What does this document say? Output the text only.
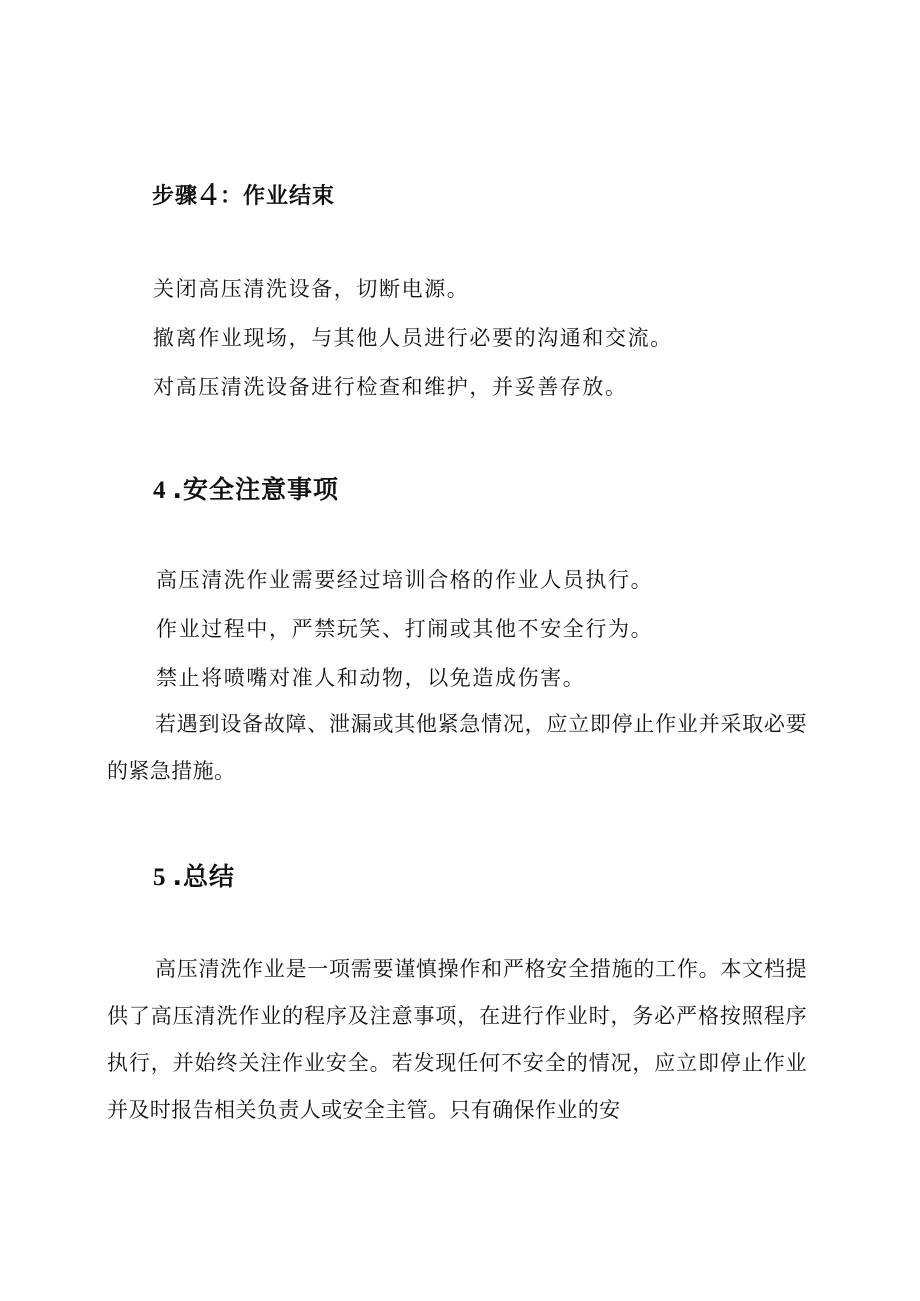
步骤4：作业结束
关闭高压清洗设备，切断电源。
撤离作业现场，与其他人员进行必要的沟通和交流。
对高压清洗设备进行检查和维护，并妥善存放。
4 .安全注意事项
高压清洗作业需要经过培训合格的作业人员执行。
作业过程中，严禁玩笑、打闹或其他不安全行为。
禁止将喷嘴对准人和动物，以免造成伤害。

若遇到设备故障、泄漏或其他紧急情况，应立即停止作业并采取必要的紧急措施。

5 .总结

高压清洗作业是一项需要谨慎操作和严格安全措施的工作。本文档提供了高压清洗作业的程序及注意事项，在进行作业时，务必严格按照程序执行，并始终关注作业安全。若发现任何不安全的情况，应立即停止作业并及时报告相关负责人或安全主管。只有确保作业的安
